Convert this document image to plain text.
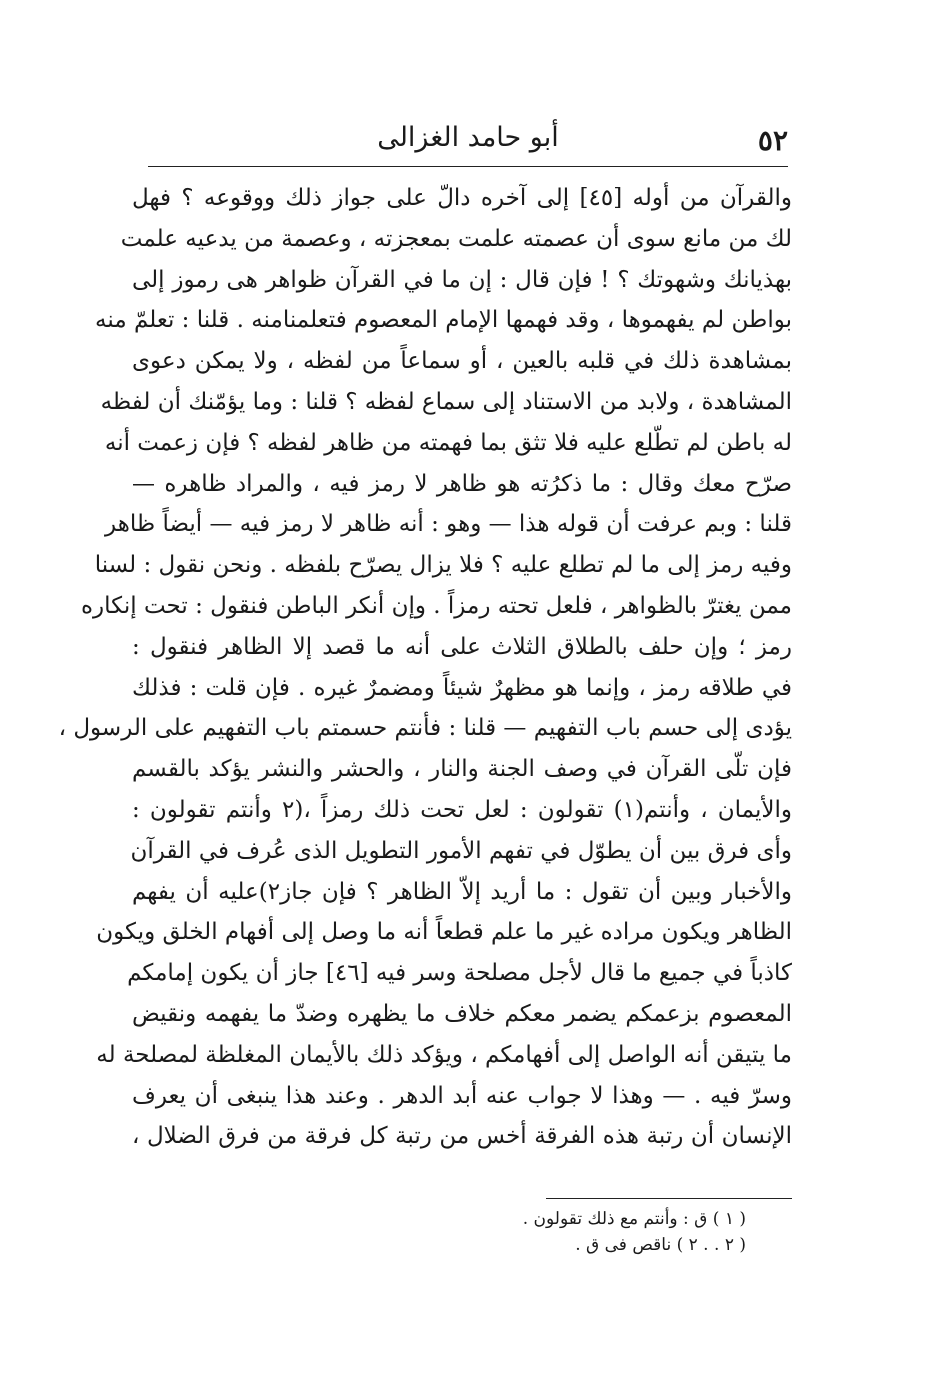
٥٢
أبو حامد الغزالى
والقرآن من أوله [٤٥] إلى آخره دالّ على جواز ذلك ووقوعه ؟ فهل
لك من مانع سوى أن عصمته علمت بمعجزته ، وعصمة من يدعيه علمت
بهذيانك وشهوتك ؟ ! فإن قال : إن ما في القرآن ظواهر هى رموز إلى
بواطن لم يفهموها ، وقد فهمها الإمام المعصوم فتعلمنامنه . قلنا : تعلمّ منه
بمشاهدة ذلك في قلبه بالعين ، أو سماعاً من لفظه ، ولا يمكن دعوى
المشاهدة ، ولابد من الاستناد إلى سماع لفظه ؟ قلنا : وما يؤمّنك أن لفظه
له باطن لم تطّلع عليه فلا تثق بما فهمته من ظاهر لفظه ؟ فإن زعمت أنه
صرّح معك وقال : ما ذكرُته هو ظاهر لا رمز فيه ، والمراد ظاهره —
قلنا : وبم عرفت أن قوله هذا — وهو : أنه ظاهر لا رمز فيه — أيضاً ظاهر
وفيه رمز إلى ما لم تطلع عليه ؟ فلا يزال يصرّح بلفظه . ونحن نقول : لسنا
ممن يغترّ بالظواهر ، فلعل تحته رمزاً . وإن أنكر الباطن فنقول : تحت إنكاره
رمز ؛ وإن حلف بالطلاق الثلاث على أنه ما قصد إلا الظاهر فنقول :
في طلاقه رمز ، وإنما هو مظهرٌ شيئاً ومضمرٌ غيره . فإن قلت : فذلك
يؤدى إلى حسم باب التفهيم — قلنا : فأنتم حسمتم باب التفهيم على الرسول ،
فإن تلّى القرآن في وصف الجنة والنار ، والحشر والنشر يؤكد بالقسم
والأيمان ، وأنتم(١) تقولون : لعل تحت ذلك رمزاً ،(٢ وأنتم تقولون :
وأى فرق بين أن يطوّل في تفهم الأمور التطويل الذى عُرف في القرآن
والأخبار وبين أن تقول : ما أريد إلاّ الظاهر ؟ فإن جاز٢)عليه أن يفهم
الظاهر ويكون مراده غير ما علم قطعاً أنه ما وصل إلى أفهام الخلق ويكون
كاذباً في جميع ما قال لأجل مصلحة وسر فيه [٤٦] جاز أن يكون إمامكم
المعصوم بزعمكم يضمر معكم خلاف ما يظهره وضدّ ما يفهمه ونقيض
ما يتيقن أنه الواصل إلى أفهامكم ، ويؤكد ذلك بالأيمان المغلظة لمصلحة له
وسرّ فيه . — وهذا لا جواب عنه أبد الدهر . وعند هذا ينبغى أن يعرف
الإنسان أن رتبة هذه الفرقة أخس من رتبة كل فرقة من فرق الضلال ،
( ١ ) ق : وأنتم مع ذلك تقولون .
( ٢ . . ٢ ) ناقص فى ق .
